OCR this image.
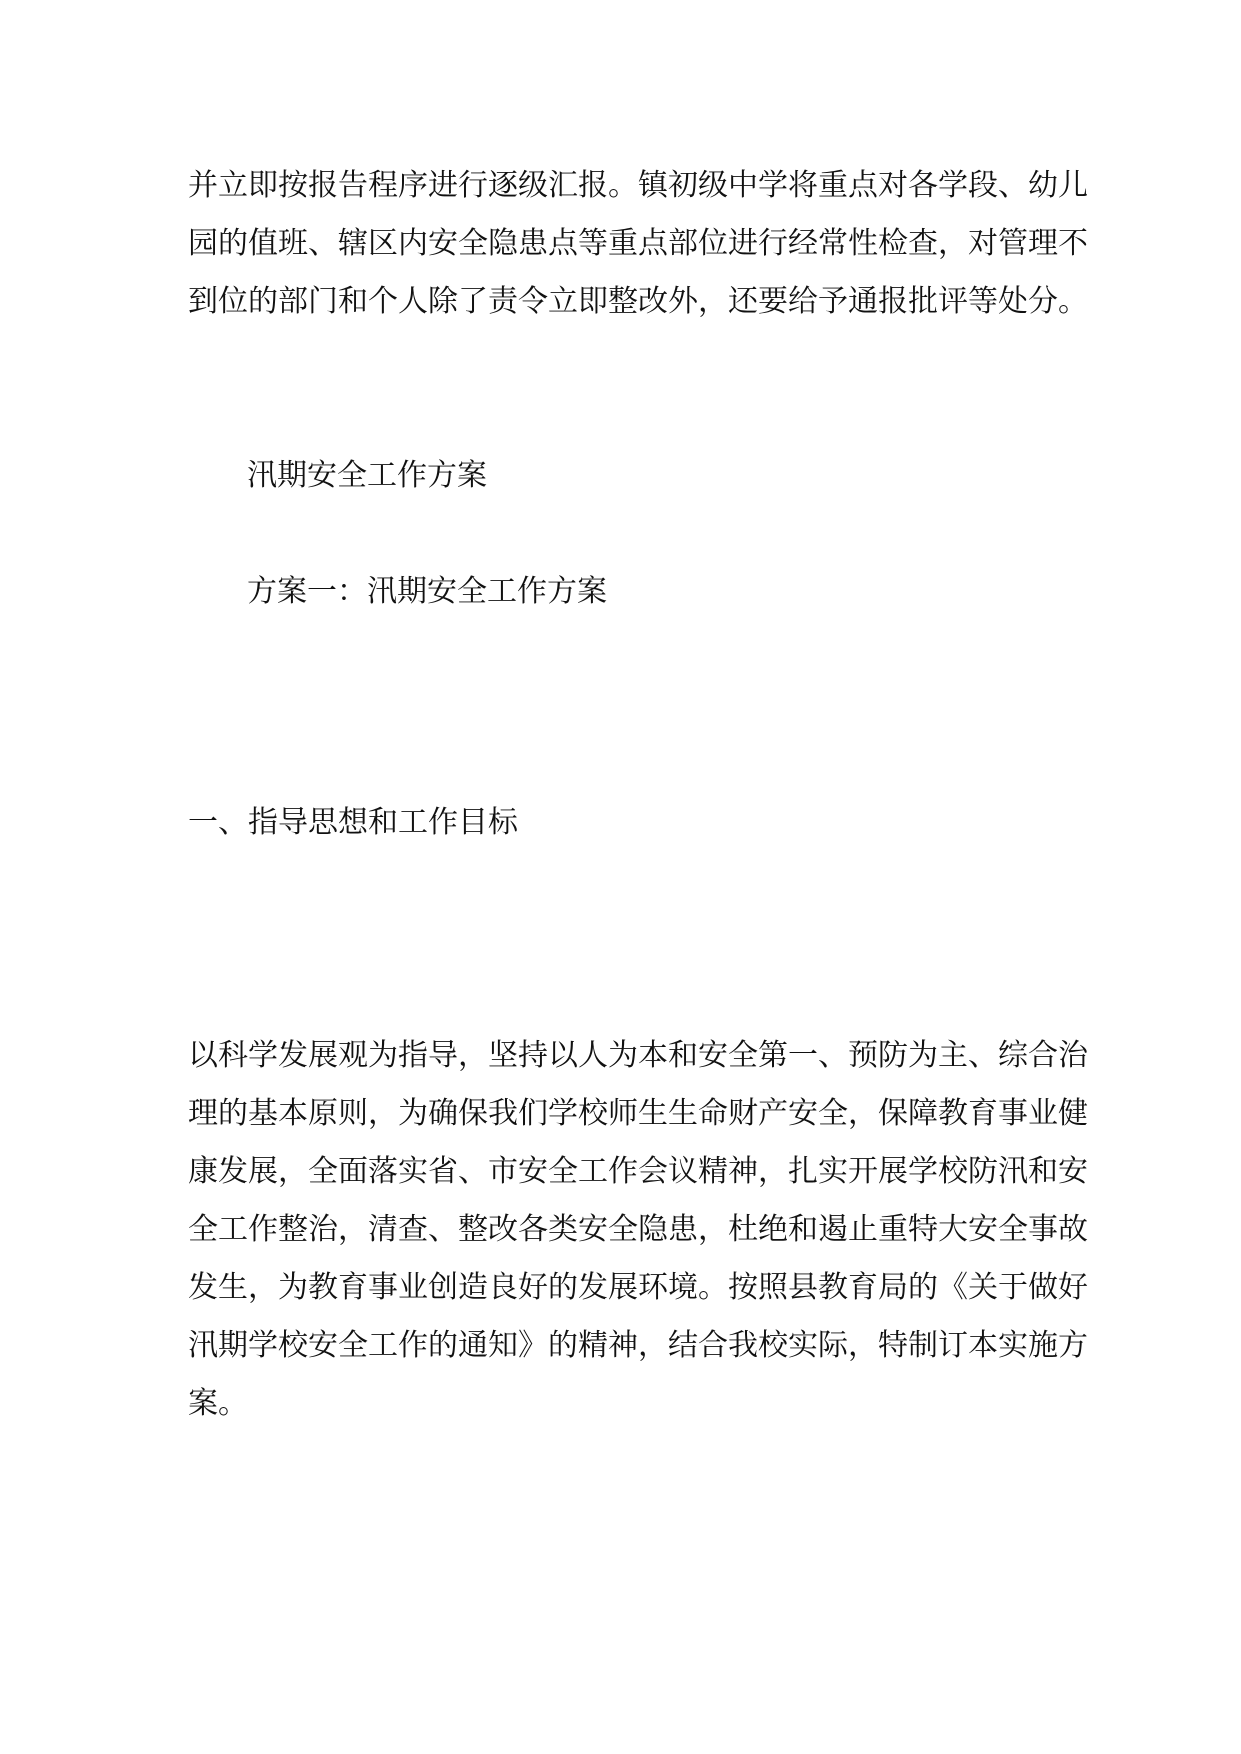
并立即按报告程序进行逐级汇报。镇初级中学将重点对各学段、幼儿

园的值班、辖区内安全隐患点等重点部位进行经常性检查，对管理不

到位的部门和个人除了责令立即整改外，还要给予通报批评等处分。

汛期安全工作方案

方案一：汛期安全工作方案

一、指导思想和工作目标

以科学发展观为指导，坚持以人为本和安全第一、预防为主、综合治

理的基本原则，为确保我们学校师生生命财产安全，保障教育事业健

康发展，全面落实省、市安全工作会议精神，扎实开展学校防汛和安

全工作整治，清查、整改各类安全隐患，杜绝和遏止重特大安全事故

发生，为教育事业创造良好的发展环境。按照县教育局的《关于做好

汛期学校安全工作的通知》的精神，结合我校实际，特制订本实施方

案。
